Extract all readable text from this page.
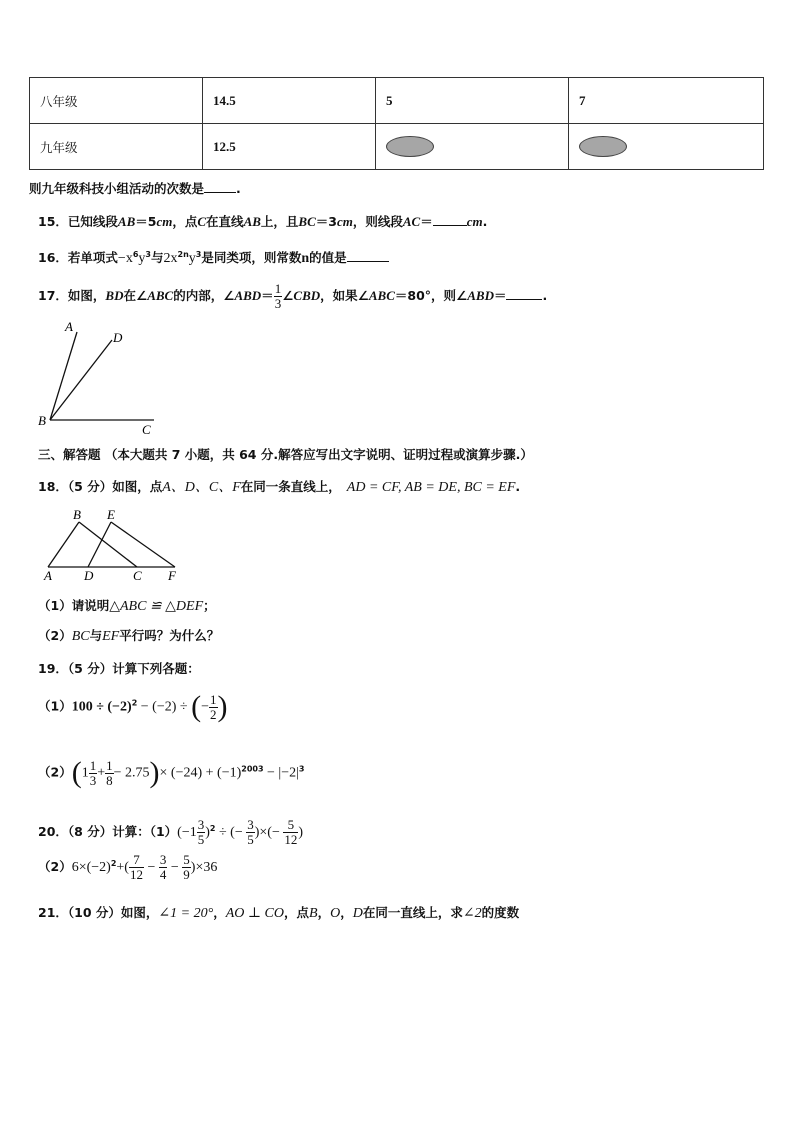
八年级	14.5	5	7
九年级	12.5		
则九年级科技小组活动的次数是	.
15．已知线段AB＝5cm，点C在直线AB上，且BC＝3cm，则线段AC＝	cm.
16．若单项式$-x^6y^3$与$2x^{2n}y^3$是同类项，则常数n的值是
17．如图，BD在∠ABC的内部，∠ABD＝ $\frac{1}{3}$ ∠CBD，如果∠ABC＝80°，则∠ABD＝	.
A
D
B
C
三、解答题 （本大题共 7 小题，共 64 分.解答应写出文字说明、证明过程或演算步骤.）
18．（5 分）如图，点A、D、C、F在同一条直线上， AD = CF, AB = DE, BC = EF.
B E
A D	C F
（1）请说明△ABC ≌ △DEF；
（2）BC与EF平行吗？为什么？
19．（5 分）计算下列各题：
$(1)100 \div (-2)^2 - (-2)$ ÷ (− $\frac{1}{2}$ )
$(2)(1 \frac{1}{3} + \frac{1}{8} - 2.75)\times (-24) + (-1)^{2003} - |-2|^3$
20．（8 分）计算：$(1)(-1 \frac{3}{5} )^2$ ÷ (− $\frac{3}{5}$ )×(− $\frac{5}{12}$ )
$(2)6\times(-2)^2+( \frac{7}{12} - \frac{3}{4} - \frac{5}{9} )\times 36$
21．（10 分）如图，∠1 = 20°，AO ⊥ CO，点B，O，D在同一直线上，求∠2的度数
